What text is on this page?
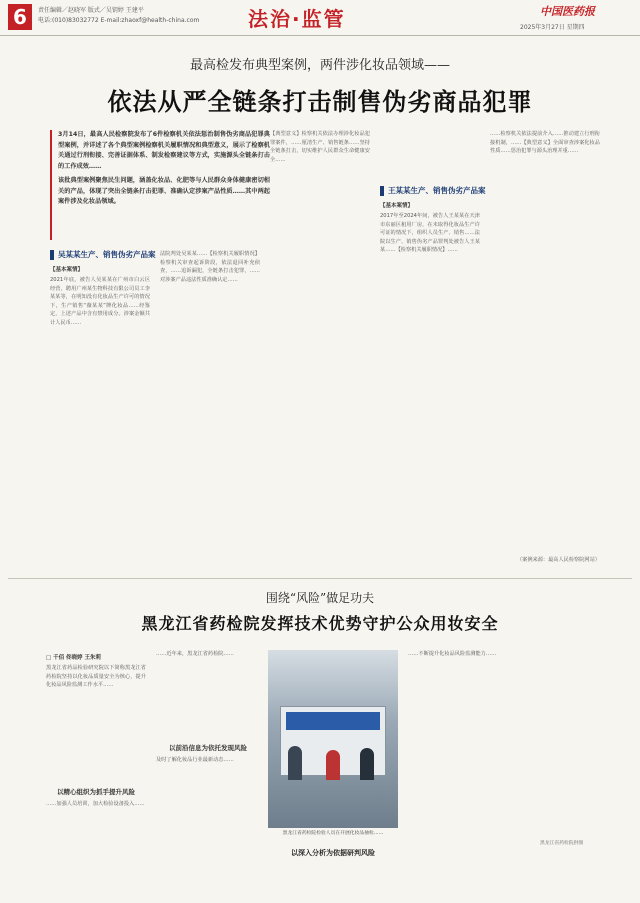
6	责任编辑／赵晓军 版式／吴钥婷 王建平
电话:(010)83032772 E-mail:zhaoxf@health-china.com 法治·监管	中国医药报
2025年3月27日 星期四
最高检发布典型案例，两件涉化妆品领域——
依法从严全链条打击制售伪劣商品犯罪
3月14日，最高人民检察院发布了6件检察机关依法惩治制售伪劣商品犯罪典型案例，并详述了各个典型案例检察机关履职情况和典型意义，展示了检察机关通过行刑衔接、完善证据体系、制发检察建议等方式，实施源头全链条打击的工作成效……
该批典型案例聚焦民生问题，涵盖化妆品、化肥等与人民群众身体健康密切相关的产品，体现了突出全链条打击犯罪、准确认定涉案产品性质……其中两起案件涉及化妆品领域。
吴某某生产、销售伪劣产品案
【基本案情】
2021年底，被告人吴某某在广州市白云区经营，聘用广州某生物科技有限公司员工李某某等，在明知没有化妆品生产许可的情况下，生产销售“薇某某”牌化妆品……经鉴定，上述产品中含有禁用成分。涉案金额共计人民币……
法院判处吴某某……【检察机关履职情况】检察机关审查起诉阶段，依法退回补充侦查，……追诉漏犯，全链条打击犯罪，……对涉案产品违法性质准确认定……
【典型意义】检察机关依法办理涉化妆品犯罪案件，……厘清生产、销售链条……坚持全链条打击，切实维护人民群众生命健康安全……
王某某生产、销售伪劣产品案
【基本案情】
2017年至2024年间，被告人王某某在天津市东丽区租用厂房，在未取得化妆品生产许可证的情况下，组织人员生产、销售……法院以生产、销售伪劣产品罪判处被告人王某某……【检察机关履职情况】……
……检察机关依法提前介入……推动建立行刑衔接机制，……【典型意义】全面审查涉案化妆品性质……惩治犯罪与源头治理并重……
（案例来源：最高人民检察院网站）
围绕“风险”做足功夫
黑龙江省药检院发挥技术优势守护公众用妆安全
□ 千佰 佟晓婷 王朱莉
黑龙江省药品检验研究院以下简称黑龙江省药检院坚持以化妆品质量安全为核心，提升化妆品风险监测工作水平……
以精心组织为抓手提升风险
……加强人员培训，加大检验设备投入……
……近年来，黑龙江省药检院……
以前沿信息为依托发现风险
及时了解化妆品行业最新动态……
黑龙江省药检院检验人员在开展化妆品抽检……
以深入分析为依据研判风险
……不断提升化妆品风险监测能力……
黑龙江省药检院供图
